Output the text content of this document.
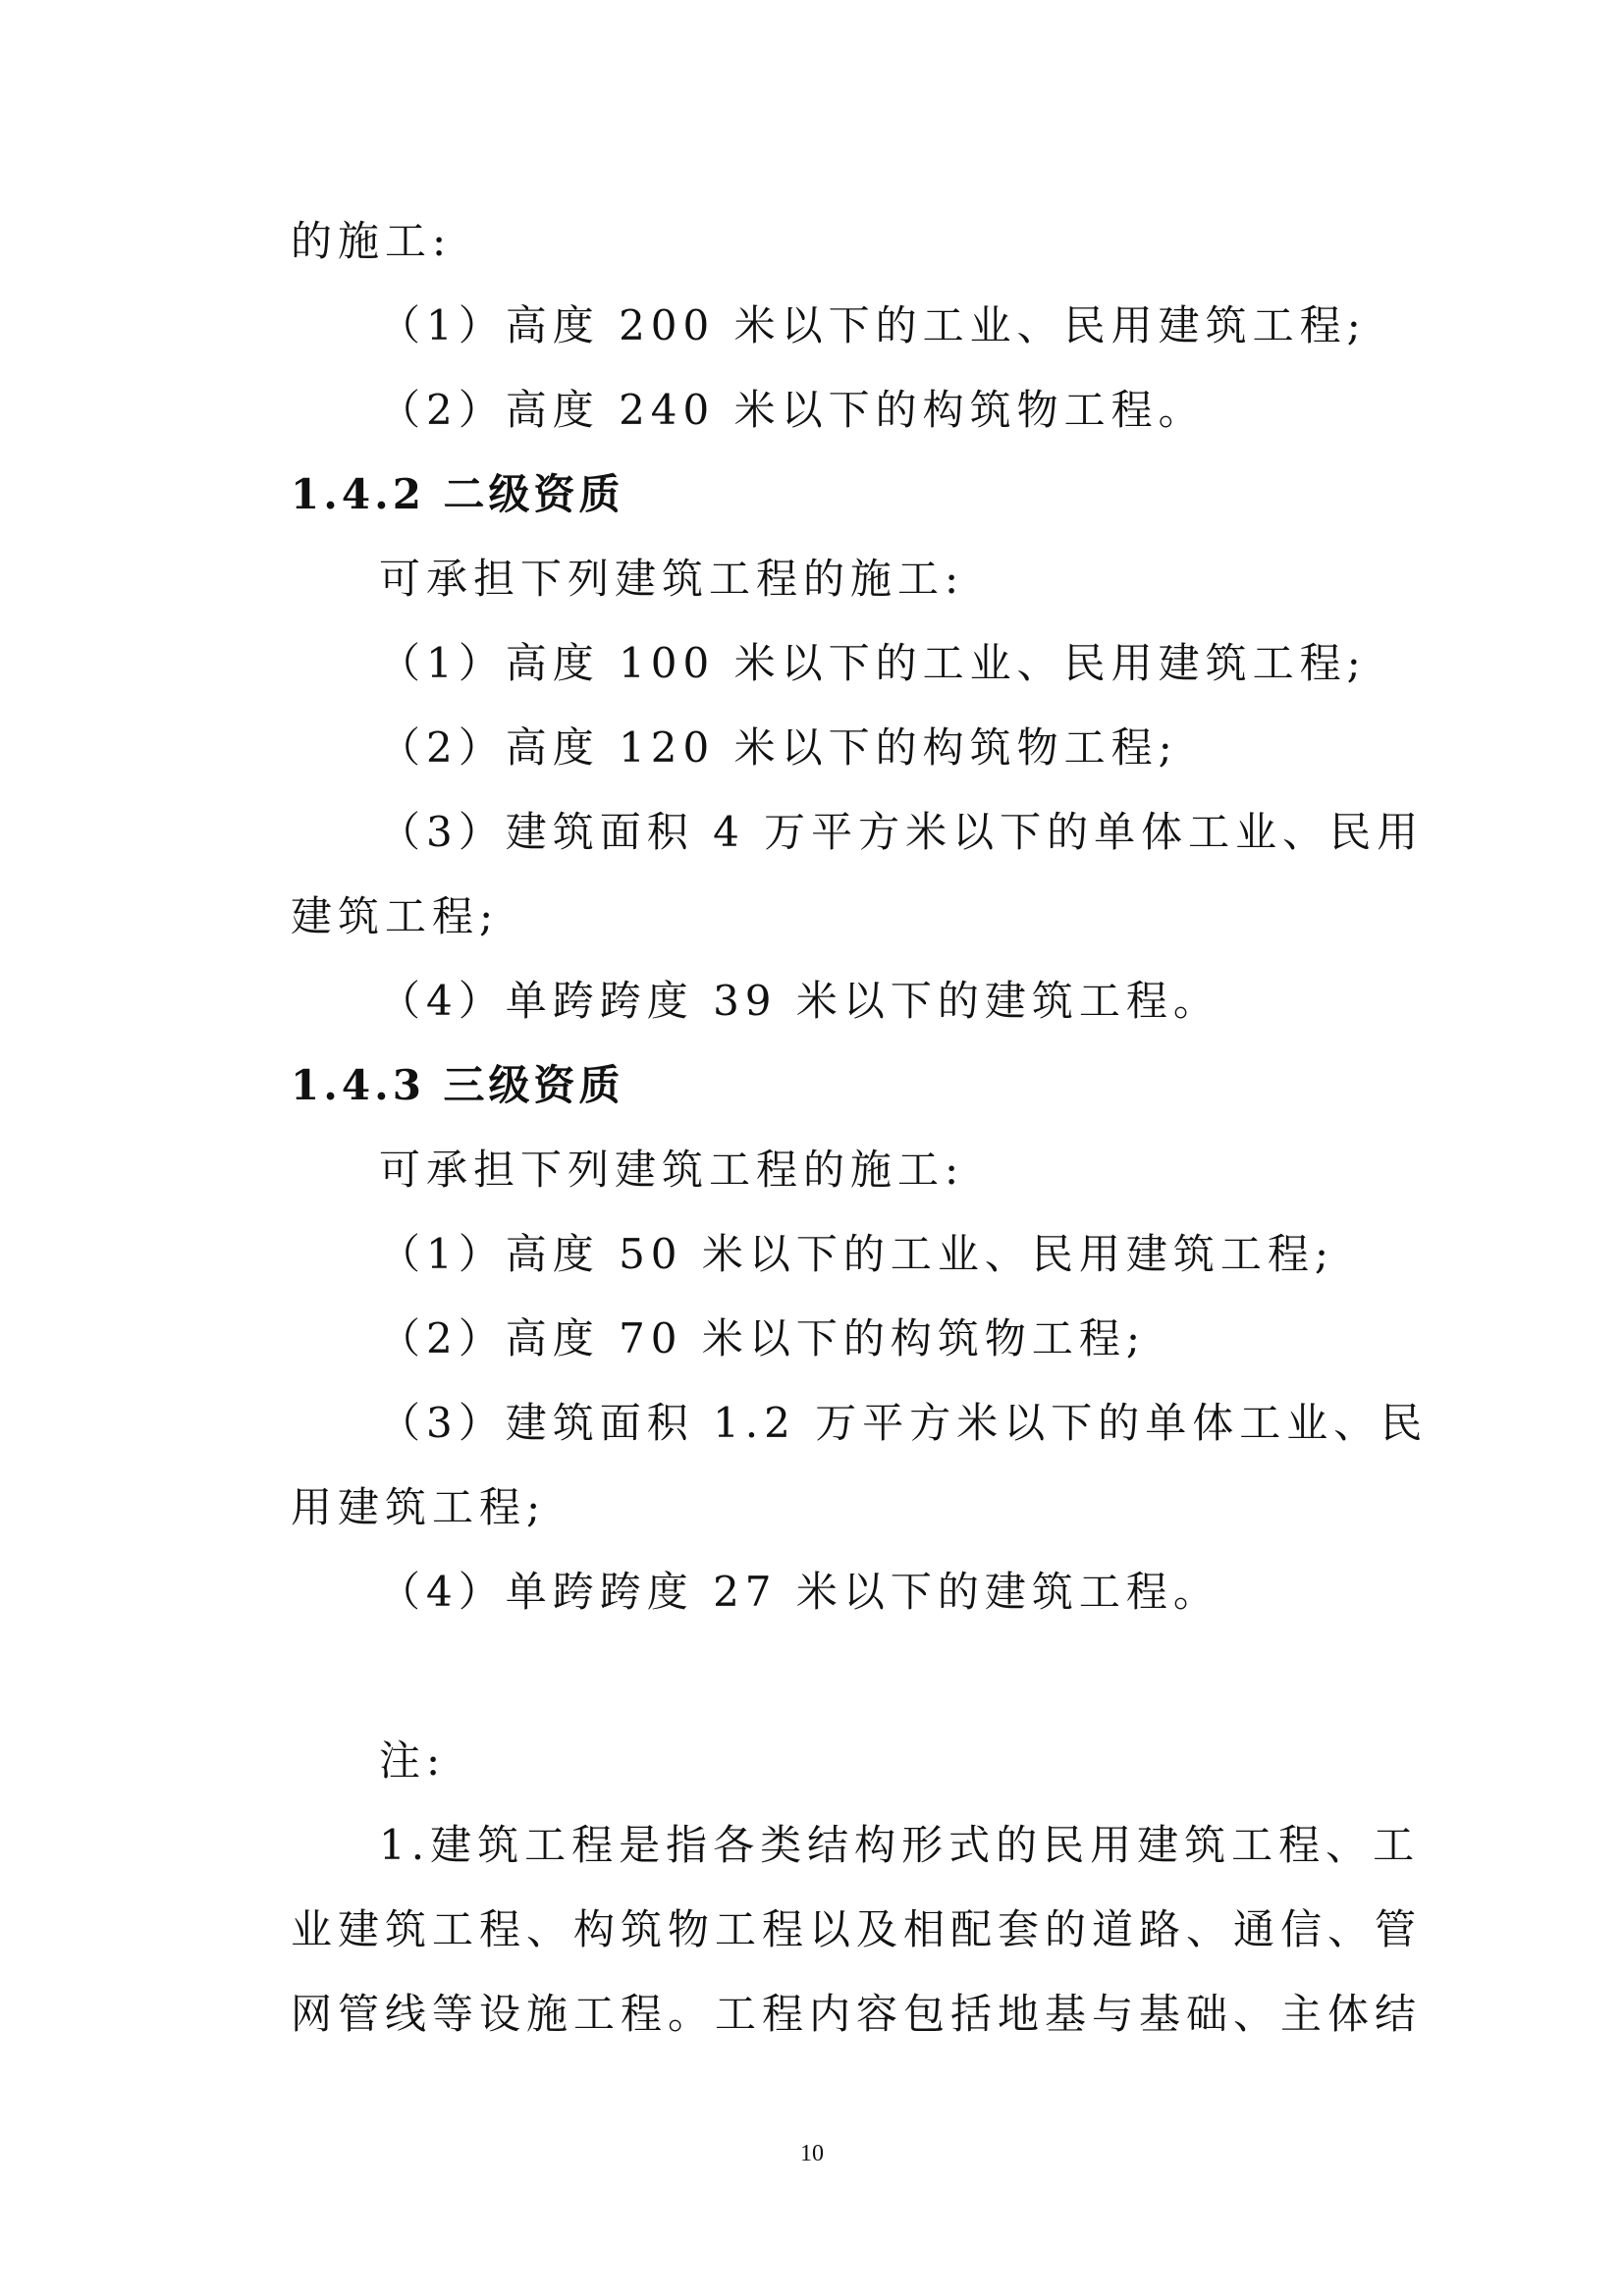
的施工:
（1）高度 200 米以下的工业、民用建筑工程;
（2）高度 240 米以下的构筑物工程。
1.4.2 二级资质
可承担下列建筑工程的施工:
（1）高度 100 米以下的工业、民用建筑工程;
（2）高度 120 米以下的构筑物工程;
（3）建筑面积 4 万平方米以下的单体工业、民用
建筑工程;
（4）单跨跨度 39 米以下的建筑工程。
1.4.3 三级资质
可承担下列建筑工程的施工:
（1）高度 50 米以下的工业、民用建筑工程;
（2）高度 70 米以下的构筑物工程;
（3）建筑面积 1.2 万平方米以下的单体工业、民
用建筑工程;
（4）单跨跨度 27 米以下的建筑工程。
注:
1.建筑工程是指各类结构形式的民用建筑工程、工
业建筑工程、构筑物工程以及相配套的道路、通信、管
网管线等设施工程。工程内容包括地基与基础、主体结
10
